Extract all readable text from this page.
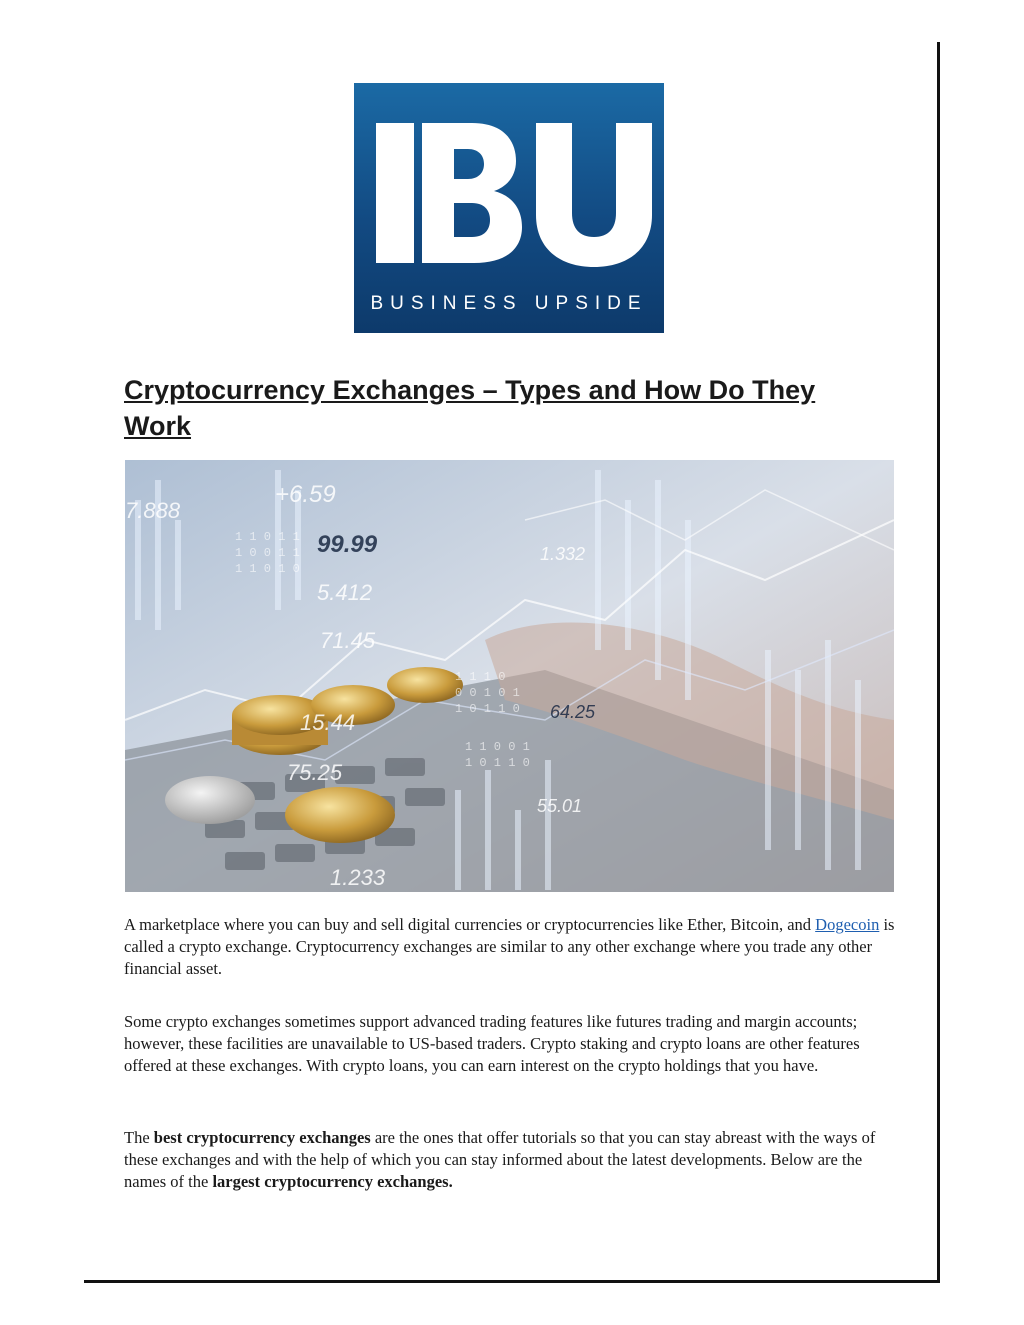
BUSINESS UPSIDE
Cryptocurrency Exchanges – Types and How Do They Work
+6.59
99.99
5.412
71.45
15.44
75.25
1.233
1.332
64.25
55.01
7.888
1 1 0 1 1
1 0 0 1 1
1 1 0 1 0
1 1 1 0
0 0 1 0 1
1 0 1 1 0
1 1 0 0 1
1 0 1 1 0

A marketplace where you can buy and sell digital currencies or cryptocurrencies like Ether, Bitcoin, and Dogecoin is called a crypto exchange. Cryptocurrency exchanges are similar to any other exchange where you trade any other financial asset.

Some crypto exchanges sometimes support advanced trading features like futures trading and margin accounts; however, these facilities are unavailable to US-based traders. Crypto staking and crypto loans are other features offered at these exchanges. With crypto loans, you can earn interest on the crypto holdings that you have.

The best cryptocurrency exchanges are the ones that offer tutorials so that you can stay abreast with the ways of these exchanges and with the help of which you can stay informed about the latest developments. Below are the names of the largest cryptocurrency exchanges.
